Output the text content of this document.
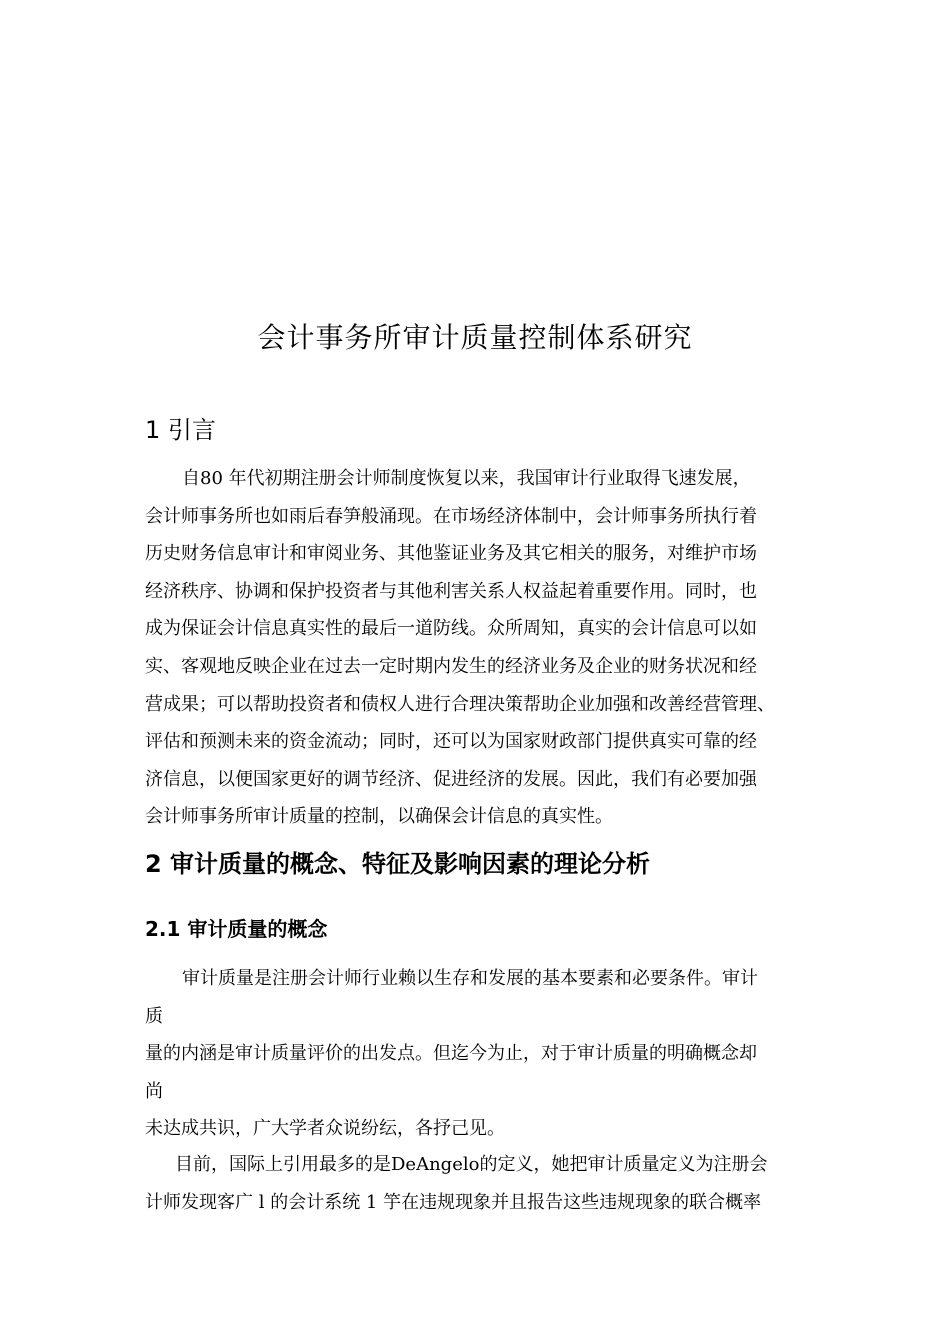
会计事务所审计质量控制体系研究
1 引言
自80 年代初期注册会计师制度恢复以来，我国审计行业取得飞速发展，
会计师事务所也如雨后春笋般涌现。在市场经济体制中，会计师事务所执行着
历史财务信息审计和审阅业务、其他鉴证业务及其它相关的服务，对维护市场
经济秩序、协调和保护投资者与其他利害关系人权益起着重要作用。同时，也
成为保证会计信息真实性的最后一道防线。众所周知，真实的会计信息可以如
实、客观地反映企业在过去一定时期内发生的经济业务及企业的财务状况和经
营成果；可以帮助投资者和债权人进行合理决策帮助企业加强和改善经营管理、
评估和预测未来的资金流动；同时，还可以为国家财政部门提供真实可靠的经
济信息，以便国家更好的调节经济、促进经济的发展。因此，我们有必要加强
会计师事务所审计质量的控制，以确保会计信息的真实性。
2 审计质量的概念、特征及影响因素的理论分析
2.1 审计质量的概念
审计质量是注册会计师行业赖以生存和发展的基本要素和必要条件。审计
质
量的内涵是审计质量评价的出发点。但迄今为止，对于审计质量的明确概念却
尚
未达成共识，广大学者众说纷纭，各抒己见。
目前，国际上引用最多的是DeAngelo的定义，她把审计质量定义为注册会
计师发现客广 l 的会计系统 1 竽在违规现象并且报告这些违规现象的联合概率
